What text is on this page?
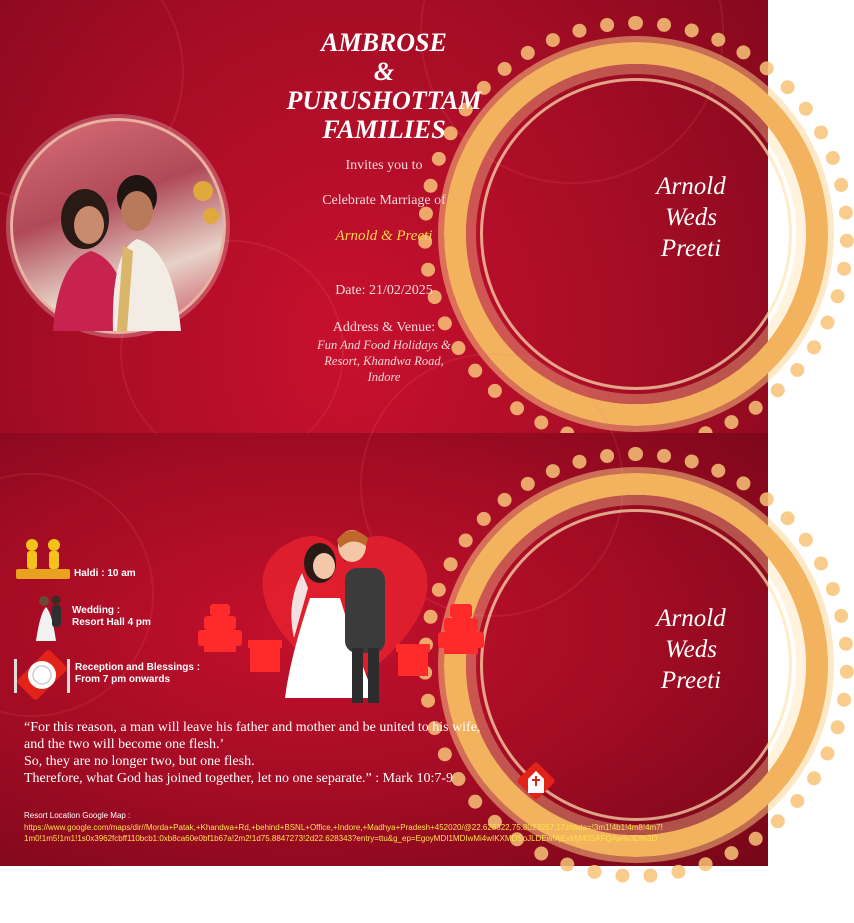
Arnold
Weds
Preeti
AMBROSE
&
PURUSHOTTAM
FAMILIES
Invites you to
Celebrate Marriage of
Arnold & Preeti
Date: 21/02/2025
Address & Venue:
Fun And Food Holidays &
Resort, Khandwa Road,
Indore
Arnold
Weds
Preeti
Save the Date
Haldi : 10 am
Wedding :
Resort Hall 4 pm
Reception and Blessings :
From 7 pm onwards
“For this reason, a man will leave his father and mother and be united to his wife,
and the two will become one flesh.’
So, they are no longer two, but one flesh.
Therefore, what God has joined together, let no one separate.” : Mark 10:7-9
Resort Location Google Map :
https://www.google.com/maps/dir//Morda+Patak,+Khandwa+Rd,+behind+BSNL+Office,+Indore,+Madhya+Pradesh+452020/@22.628322,75.8023257,17z/data=!3m1!4b1!4m8!4m7!1m0!1m5!1m1!1s0x3962fcbff110bcb1:0xb8ca60e0bf1b67a!2m2!1d75.8847273!2d22.628343?entry=ttu&g_ep=EgoyMDI1MDIwMi4wIKXMDSoJLDEwMjExMjM0SAFQAw%3D%3D
